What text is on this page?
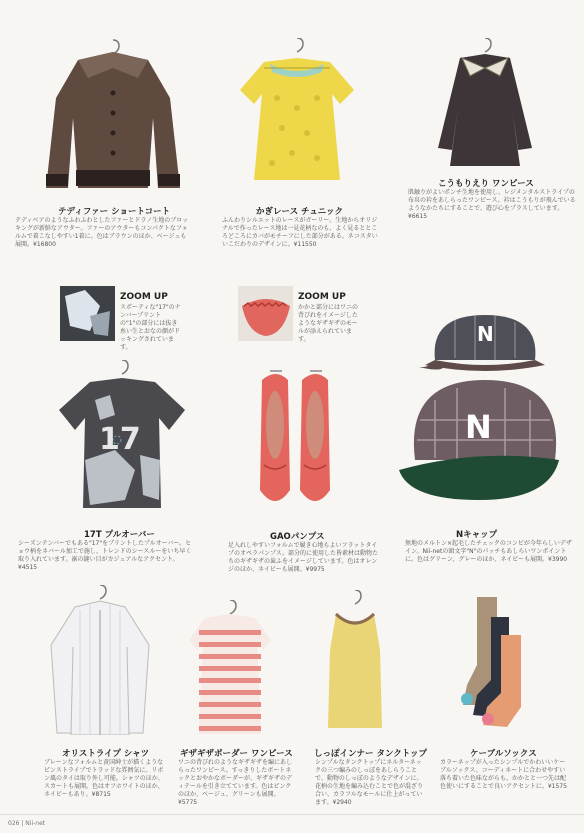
テディファー ショートコート
テディベアのようなふわふわとしたファーとドラノ生地のブロッキングが新鮮なアウター。ファーのアウターもコンパクトなフォルムで着こなしやすい1着に。色はブラウンのほか、ベージュも展開。¥16800
かぎレース チュニック
ふんわりシルエットのレースがガーリー。生地からオリジナルで作ったレース地は一見花柄なのも、よく見るとところどころにカバがモチーフにした部分がある。ネコスタいいこだわりのデザインに。¥11550
こうもりえり ワンピース
肌触りがよいポンチ生地を使用し、レジメンタルストライプの布帛の衿をあしらったワンピース。衿はこうもりが飛んでいるようなかたちにすることで、遊び心をプラスしています。¥6615
ZOOM UP
スポーティな"17"のナンバープリントの"1"の部分には抜き糸い生とおなの顔がドッキングされています。
ZOOM UP
かかと部分にはワニの背びれをイメージしたようなギザギザのモールが添えられています。
17
17T プルオーバー
シーズンテンバーでもある"17"をプリントしたプルオーバー。ヒョウ柄をネバール加工で施し、トレンドのシースルーをいち早く取り入れています。裾の縫い目がカジュアルなアクセント。¥4515
GAOパンプス
足入れしやすいフォルムで履き心地もよいフラットタイプのオペラパンプス。部分的に使用した皆素材は動物たちのギザギザの歯ふをイメージしています。色はオレンジのほか、ネイビーも展開。¥9975
N
N
Nキャップ
無地のメルトン×起毛したチェックのコンビが今年らしいデザイン。Nii-netの頭文字"N"のパッチもあしらいワンポイントに。色はグリーン、グレーのほか、ネイビーも展開。¥3990
オリストライプ シャツ
ブレーンなフォルムと黄国紳士が描くようなピンストライプでトラッドな雰囲気に。リボン風のタイは取り外し可能。シャツのほか、スカートも展開。色はオフホワイトのほか、ネイビーもあり。¥8715
ギザギザボーダー ワンピース
ワニの背びれのようなギザギザを編にあしらったワンピース。すっきりしたボートネックとおやかなボーダーが、ギザギザのディテールを引き立てています。色はピンクのほか、ベージュ、グリーンも展開。¥5775
しっぽインナー タンクトップ
シンプルなタンクトップにネルターネックの三つ編みのしっぽをあしらうことで、動物のしっぽのようなデザインに。花柄の生地を編み込むことで色が混ざり合い、カラフルなモールに仕上がっています。¥2940
ケーブルソックス
カラーネップが入ったシンプルでかわいいケーブルソックス。コーディネートに合わせやすい落ち着いた色味ながらも、かかとと一つ先は配色使いにすることで良いアクセントに。¥1575
026 | Nii-net
